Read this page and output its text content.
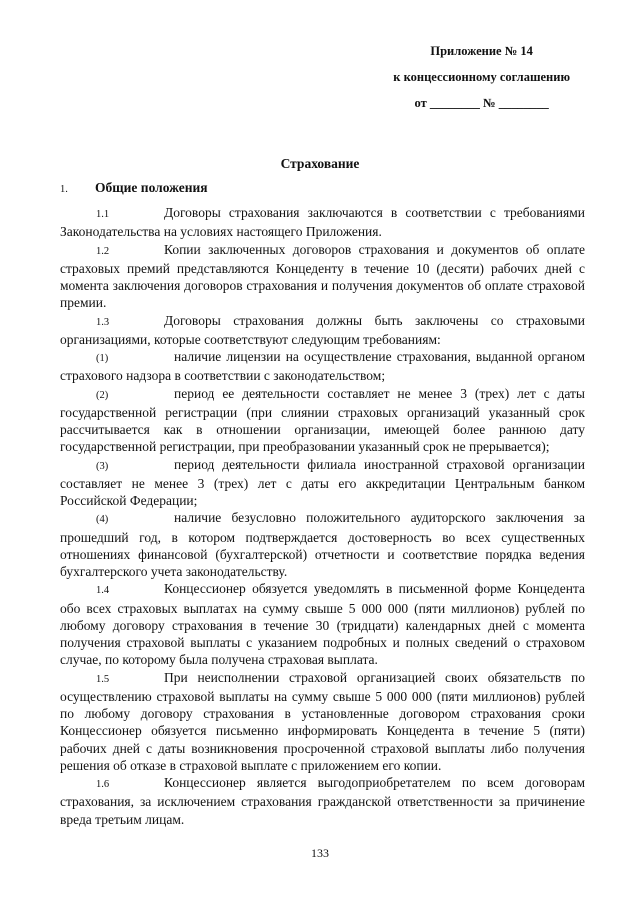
Приложение № 14
к концессионному соглашению
от ________ № ________
Страхование
1. Общие положения

1.1	Договоры страхования заключаются в соответствии с требованиями Законодательства на условиях настоящего Приложения.

1.2	Копии заключенных договоров страхования и документов об оплате страховых премий представляются Концеденту в течение 10 (десяти) рабочих дней с момента заключения договоров страхования и получения документов об оплате страховой премии.

1.3	Договоры страхования должны быть заключены со страховыми организациями, которые соответствуют следующим требованиям:

(1)	наличие лицензии на осуществление страхования, выданной органом страхового надзора в соответствии с законодательством;

(2)	период ее деятельности составляет не менее 3 (трех) лет с даты государственной регистрации (при слиянии страховых организаций указанный срок рассчитывается как в отношении организации, имеющей более раннюю дату государственной регистрации, при преобразовании указанный срок не прерывается);

(3)	период деятельности филиала иностранной страховой организации составляет не менее 3 (трех) лет с даты его аккредитации Центральным банком Российской Федерации;

(4)	наличие безусловно положительного аудиторского заключения за прошедший год, в котором подтверждается достоверность во всех существенных отношениях финансовой (бухгалтерской) отчетности и соответствие порядка ведения бухгалтерского учета законодательству.

1.4	Концессионер обязуется уведомлять в письменной форме Концедента обо всех страховых выплатах на сумму свыше 5 000 000 (пяти миллионов) рублей по любому договору страхования в течение 30 (тридцати) календарных дней с момента получения страховой выплаты с указанием подробных и полных сведений о страховом случае, по которому была получена страховая выплата.

1.5	При неисполнении страховой организацией своих обязательств по осуществлению страховой выплаты на сумму свыше 5 000 000 (пяти миллионов) рублей по любому договору страхования в установленные договором страхования сроки Концессионер обязуется письменно информировать Концедента в течение 5 (пяти) рабочих дней с даты возникновения просроченной страховой выплаты либо получения решения об отказе в страховой выплате с приложением его копии.

1.6	Концессионер является выгодоприобретателем по всем договорам страхования, за исключением страхования гражданской ответственности за причинение вреда третьим лицам.

133
